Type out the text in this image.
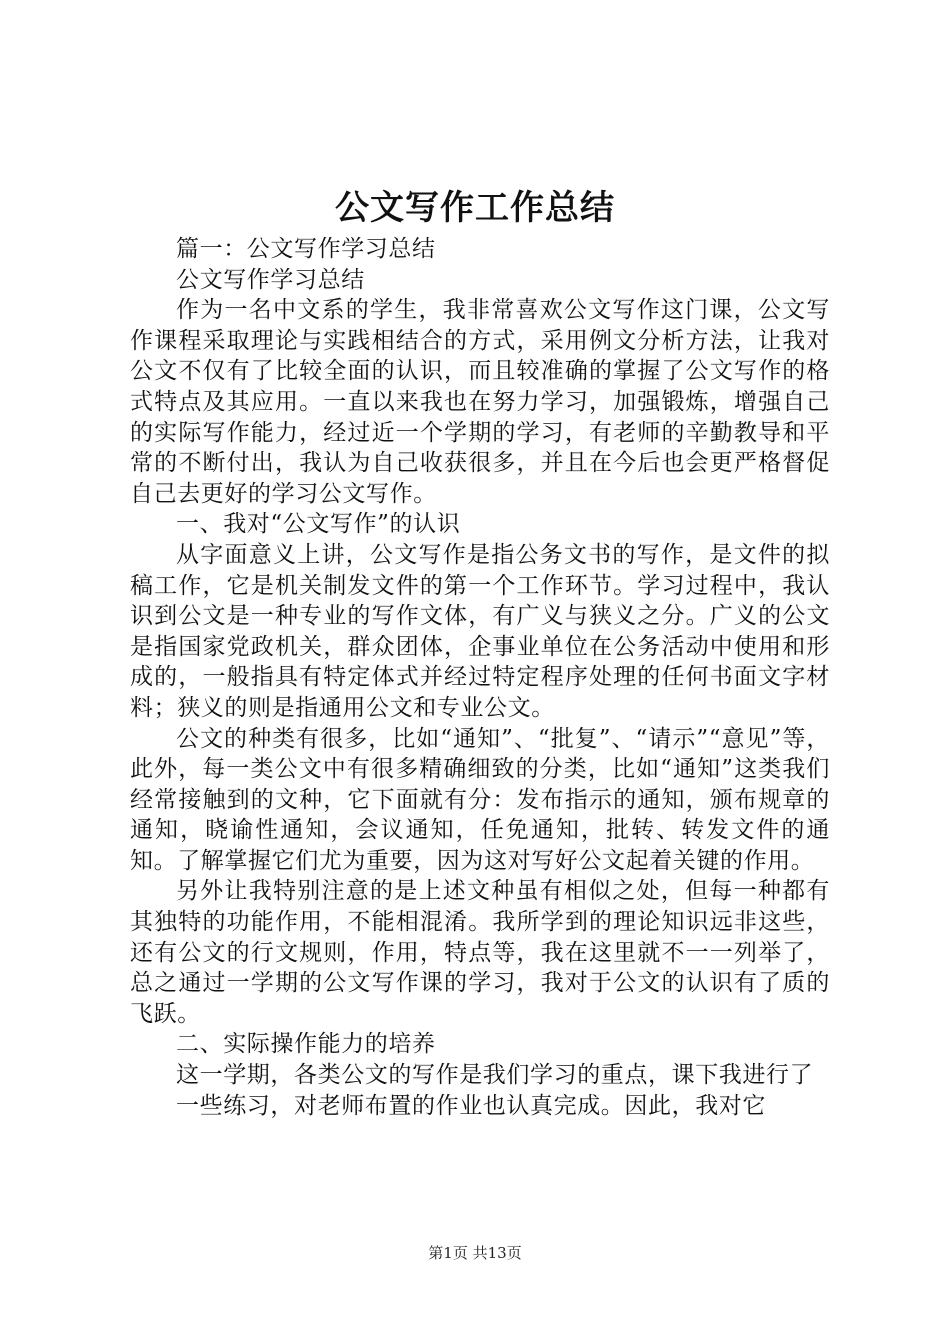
公文写作工作总结

篇一：公文写作学习总结

公文写作学习总结

作为一名中文系的学生，我非常喜欢公文写作这门课，公文写作课程采取理论与实践相结合的方式，采用例文分析方法，让我对公文不仅有了比较全面的认识，而且较准确的掌握了公文写作的格式特点及其应用。一直以来我也在努力学习，加强锻炼，增强自己的实际写作能力，经过近一个学期的学习，有老师的辛勤教导和平常的不断付出，我认为自己收获很多，并且在今后也会更严格督促自己去更好的学习公文写作。

一、我对“公文写作”的认识

从字面意义上讲，公文写作是指公务文书的写作，是文件的拟稿工作，它是机关制发文件的第一个工作环节。学习过程中，我认识到公文是一种专业的写作文体，有广义与狭义之分。广义的公文是指国家党政机关，群众团体，企事业单位在公务活动中使用和形成的，一般指具有特定体式并经过特定程序处理的任何书面文字材料；狭义的则是指通用公文和专业公文。

公文的种类有很多，比如“通知”、“批复”、“请示”“意见”等，此外，每一类公文中有很多精确细致的分类，比如“通知”这类我们经常接触到的文种，它下面就有分：发布指示的通知，颁布规章的通知，晓谕性通知，会议通知，任免通知，批转、转发文件的通知。了解掌握它们尤为重要，因为这对写好公文起着关键的作用。

另外让我特别注意的是上述文种虽有相似之处，但每一种都有其独特的功能作用，不能相混淆。我所学到的理论知识远非这些，还有公文的行文规则，作用，特点等，我在这里就不一一列举了，总之通过一学期的公文写作课的学习，我对于公文的认识有了质的飞跃。

二、实际操作能力的培养

这一学期，各类公文的写作是我们学习的重点，课下我进行了

一些练习，对老师布置的作业也认真完成。因此，我对它

第1页 共13页
